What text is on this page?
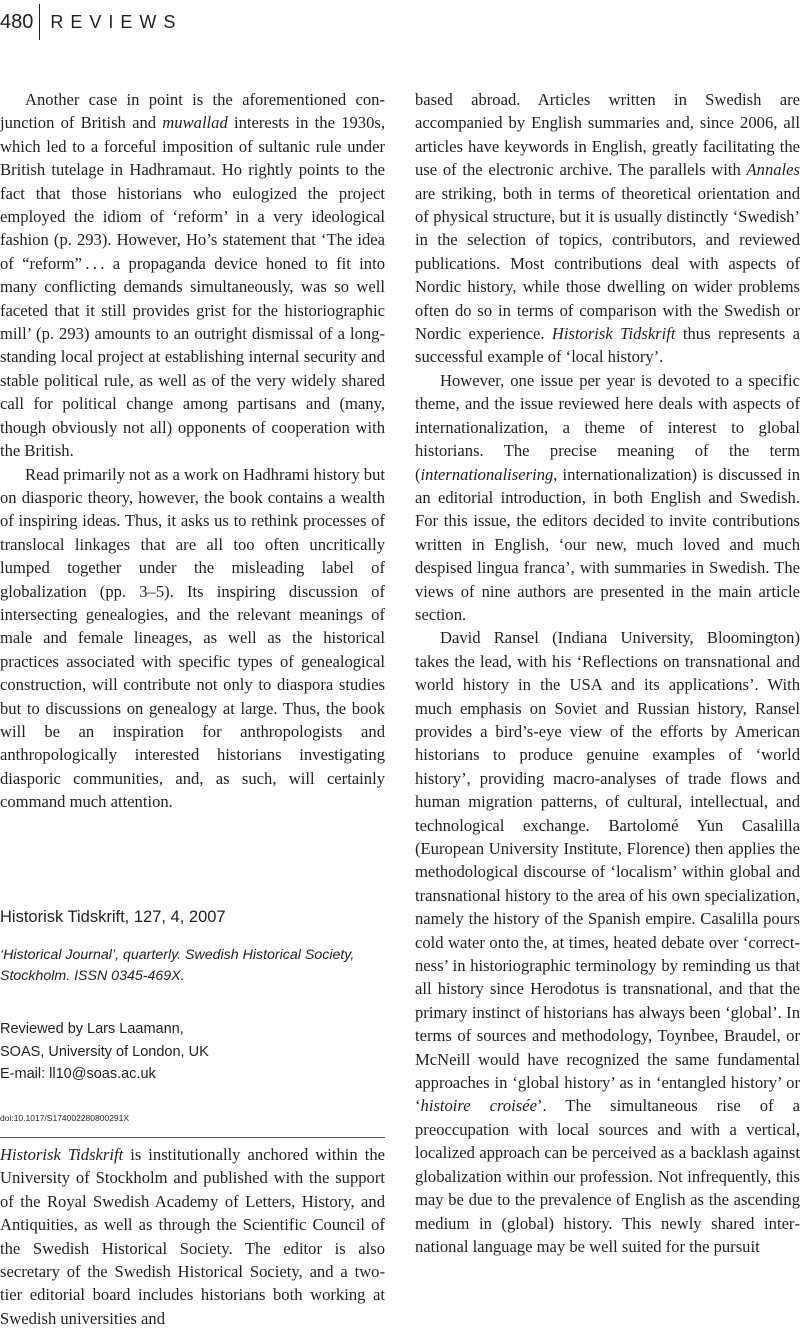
480 REVIEWS

Another case in point is the aforementioned conjunction of British and muwallad interests in the 1930s, which led to a forceful imposition of sultanic rule under British tutelage in Hadhramaut. Ho rightly points to the fact that those historians who eulogized the project employed the idiom of ‘reform’ in a very ideological fashion (p. 293). However, Ho’s statement that ‘The idea of “reform” . . . a propaganda device honed to fit into many conflicting demands simultaneously, was so well faceted that it still provides grist for the historiographic mill’ (p. 293) amounts to an outright dismissal of a longstanding local project at establishing internal security and stable political rule, as well as of the very widely shared call for political change among partisans and (many, though obviously not all) opponents of cooperation with the British.

Read primarily not as a work on Hadhrami history but on diasporic theory, however, the book contains a wealth of inspiring ideas. Thus, it asks us to rethink processes of translocal linkages that are all too often uncritically lumped together under the misleading label of globalization (pp. 3–5). Its inspiring discussion of intersecting genealogies, and the relevant meanings of male and female lineages, as well as the historical practices associated with specific types of genealogical construction, will contribute not only to diaspora studies but to discussions on genealogy at large. Thus, the book will be an inspiration for anthropologists and anthropologically interested historians investigating diasporic communities, and, as such, will certainly command much attention.

Historisk Tidskrift, 127, 4, 2007

‘Historical Journal’, quarterly. Swedish Historical Society, Stockholm. ISSN 0345-469X.

Reviewed by Lars Laamann,
SOAS, University of London, UK
E-mail: ll10@soas.ac.uk

doi:10.1017/S174002280800291X

Historisk Tidskrift is institutionally anchored within the University of Stockholm and published with the support of the Royal Swedish Academy of Letters, History, and Antiquities, as well as through the Scientific Council of the Swedish Historical Society. The editor is also secretary of the Swedish Historical Society, and a two-tier editorial board includes historians both working at Swedish universities and

based abroad. Articles written in Swedish are accompanied by English summaries and, since 2006, all articles have keywords in English, greatly facilitating the use of the electronic archive. The parallels with Annales are striking, both in terms of theoretical orientation and of physical structure, but it is usually distinctly ‘Swedish’ in the selection of topics, contributors, and reviewed publications. Most contributions deal with aspects of Nordic history, while those dwelling on wider problems often do so in terms of comparison with the Swedish or Nordic experience. Historisk Tidskrift thus represents a successful example of ‘local history’.

However, one issue per year is devoted to a specific theme, and the issue reviewed here deals with aspects of internationalization, a theme of interest to global historians. The precise meaning of the term (internationalisering, internationalization) is discussed in an editorial introduction, in both English and Swedish. For this issue, the editors decided to invite contributions written in English, ‘our new, much loved and much despised lingua franca’, with summaries in Swedish. The views of nine authors are presented in the main article section.

David Ransel (Indiana University, Bloomington) takes the lead, with his ‘Reflections on transnational and world history in the USA and its applications’. With much emphasis on Soviet and Russian history, Ransel provides a bird’s-eye view of the efforts by American historians to produce genuine examples of ‘world history’, providing macro-analyses of trade flows and human migration patterns, of cultural, intellectual, and technological exchange. Bartolomé Yun Casalilla (European University Institute, Florence) then applies the methodological discourse of ‘localism’ within global and transnational history to the area of his own specialization, namely the history of the Spanish empire. Casalilla pours cold water onto the, at times, heated debate over ‘correctness’ in historiographic terminology by reminding us that all history since Herodotus is transnational, and that the primary instinct of historians has always been ‘global’. In terms of sources and methodology, Toynbee, Braudel, or McNeill would have recognized the same fundamental approaches in ‘global history’ as in ‘entangled history’ or ‘histoire croisée’. The simultaneous rise of a preoccupation with local sources and with a vertical, localized approach can be perceived as a backlash against globalization within our profession. Not infrequently, this may be due to the prevalence of English as the ascending medium in (global) history. This newly shared international language may be well suited for the pursuit
